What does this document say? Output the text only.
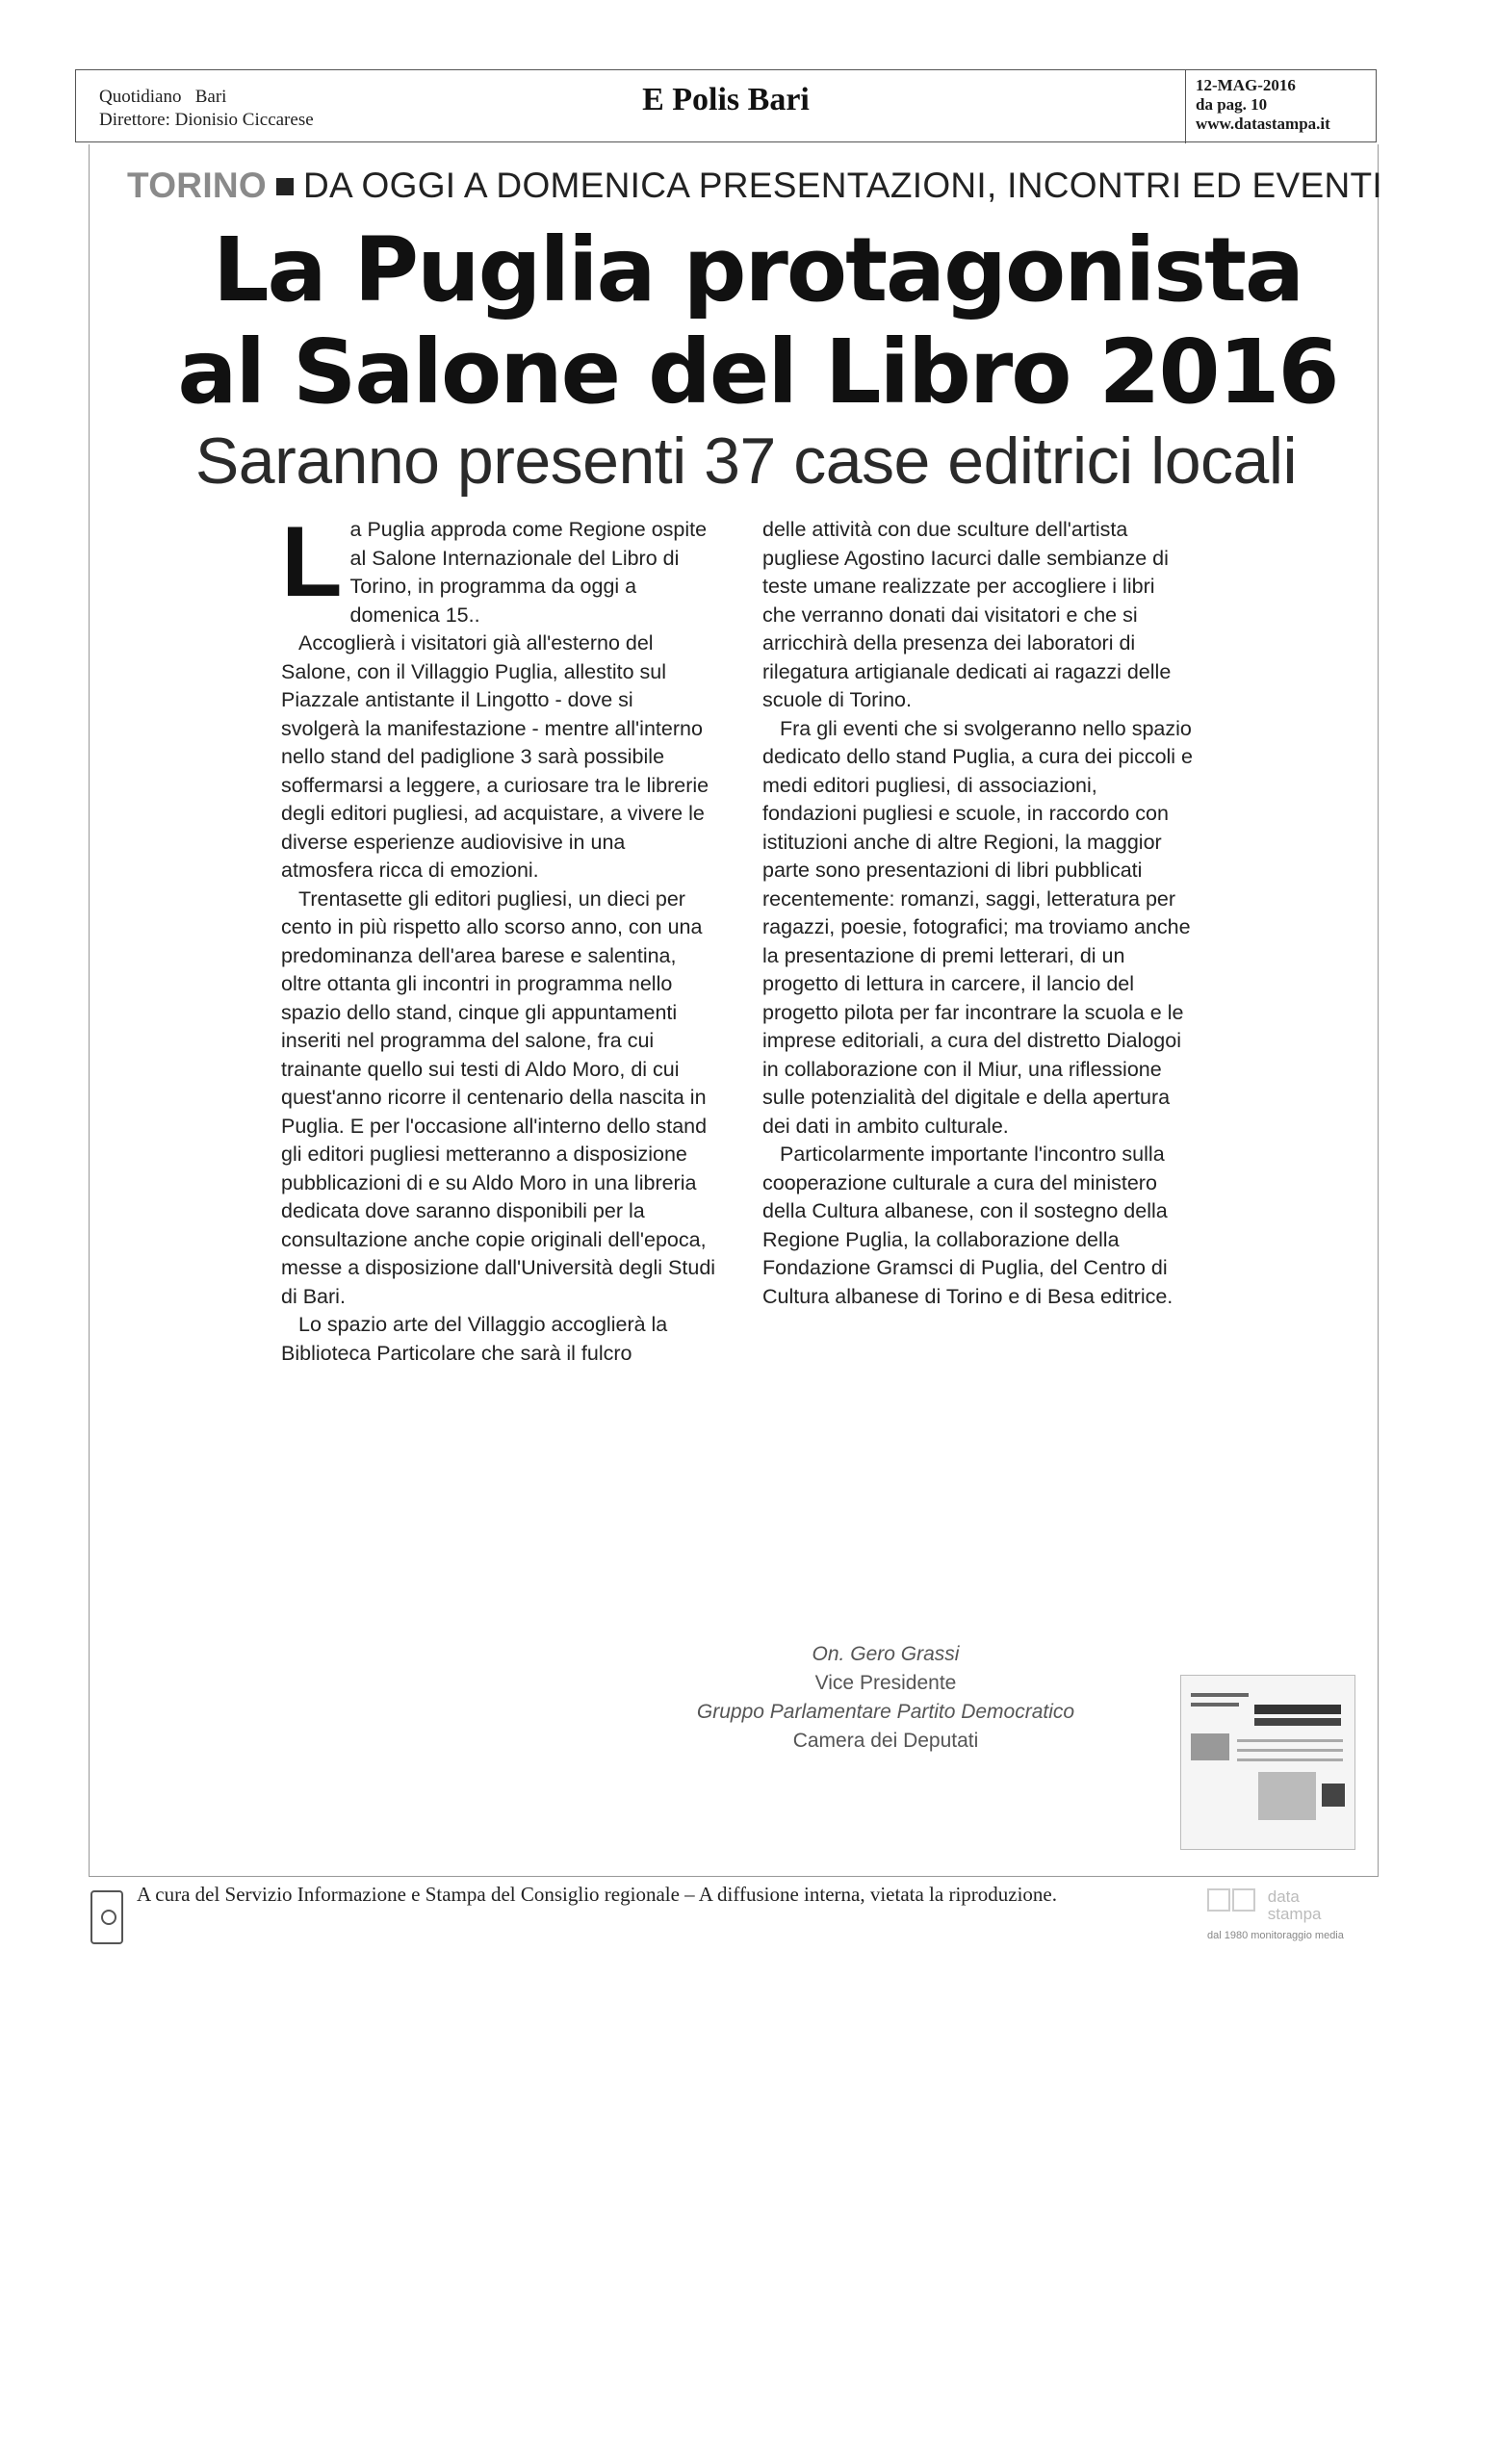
Quotidiano Bari
Direttore: Dionisio Ciccarese
E Polis Bari	12-MAG-2016
da pag. 10
www.datastampa.it
TORINO DA OGGI A DOMENICA PRESENTAZIONI, INCONTRI ED EVENTI
La Puglia protagonista
al Salone del Libro 2016
Saranno presenti 37 case editrici locali
L a Puglia approda come Regione ospite al Salone Internazionale del Libro di Torino, in programma da oggi a domenica 15..

Accoglierà i visitatori già all'esterno del Salone, con il Villaggio Puglia, allestito sul Piazzale antistante il Lingotto - dove si svolgerà la manifestazione - mentre all'interno nello stand del padiglione 3 sarà possibile soffermarsi a leggere, a curiosare tra le librerie degli editori pugliesi, ad acquistare, a vivere le diverse esperienze audiovisive in una atmosfera ricca di emozioni.

Trentasette gli editori pugliesi, un dieci per cento in più rispetto allo scorso anno, con una predominanza dell'area barese e salentina, oltre ottanta gli incontri in programma nello spazio dello stand, cinque gli appuntamenti inseriti nel programma del salone, fra cui trainante quello sui testi di Aldo Moro, di cui quest'anno ricorre il centenario della nascita in Puglia. E per l'occasione all'interno dello stand gli editori pugliesi metteranno a disposizione pubblicazioni di e su Aldo Moro in una libreria dedicata dove saranno disponibili per la consultazione anche copie originali dell'epoca, messe a disposizione dall'Università degli Studi di Bari.

Lo spazio arte del Villaggio accoglierà la Biblioteca Particolare che sarà il fulcro

delle attività con due sculture dell'artista pugliese Agostino Iacurci dalle sembianze di teste umane realizzate per accogliere i libri che verranno donati dai visitatori e che si arricchirà della presenza dei laboratori di rilegatura artigianale dedicati ai ragazzi delle scuole di Torino.

Fra gli eventi che si svolgeranno nello spazio dedicato dello stand Puglia, a cura dei piccoli e medi editori pugliesi, di associazioni, fondazioni pugliesi e scuole, in raccordo con istituzioni anche di altre Regioni, la maggior parte sono presentazioni di libri pubblicati recentemente: romanzi, saggi, letteratura per ragazzi, poesie, fotografici; ma troviamo anche la presentazione di premi letterari, di un progetto di lettura in carcere, il lancio del progetto pilota per far incontrare la scuola e le imprese editoriali, a cura del distretto Dialogoi in collaborazione con il Miur, una riflessione sulle potenzialità del digitale e della apertura dei dati in ambito culturale.

Particolarmente importante l'incontro sulla cooperazione culturale a cura del ministero della Cultura albanese, con il sostegno della Regione Puglia, la collaborazione della Fondazione Gramsci di Puglia, del Centro di Cultura albanese di Torino e di Besa editrice.

On. Gero Grassi
Vice Presidente
Gruppo Parlamentare Partito Democratico
Camera dei Deputati
A cura del Servizio Informazione e Stampa del Consiglio regionale – A diffusione interna, vietata la riproduzione.	data
stampa
dal 1980 monitoraggio media
